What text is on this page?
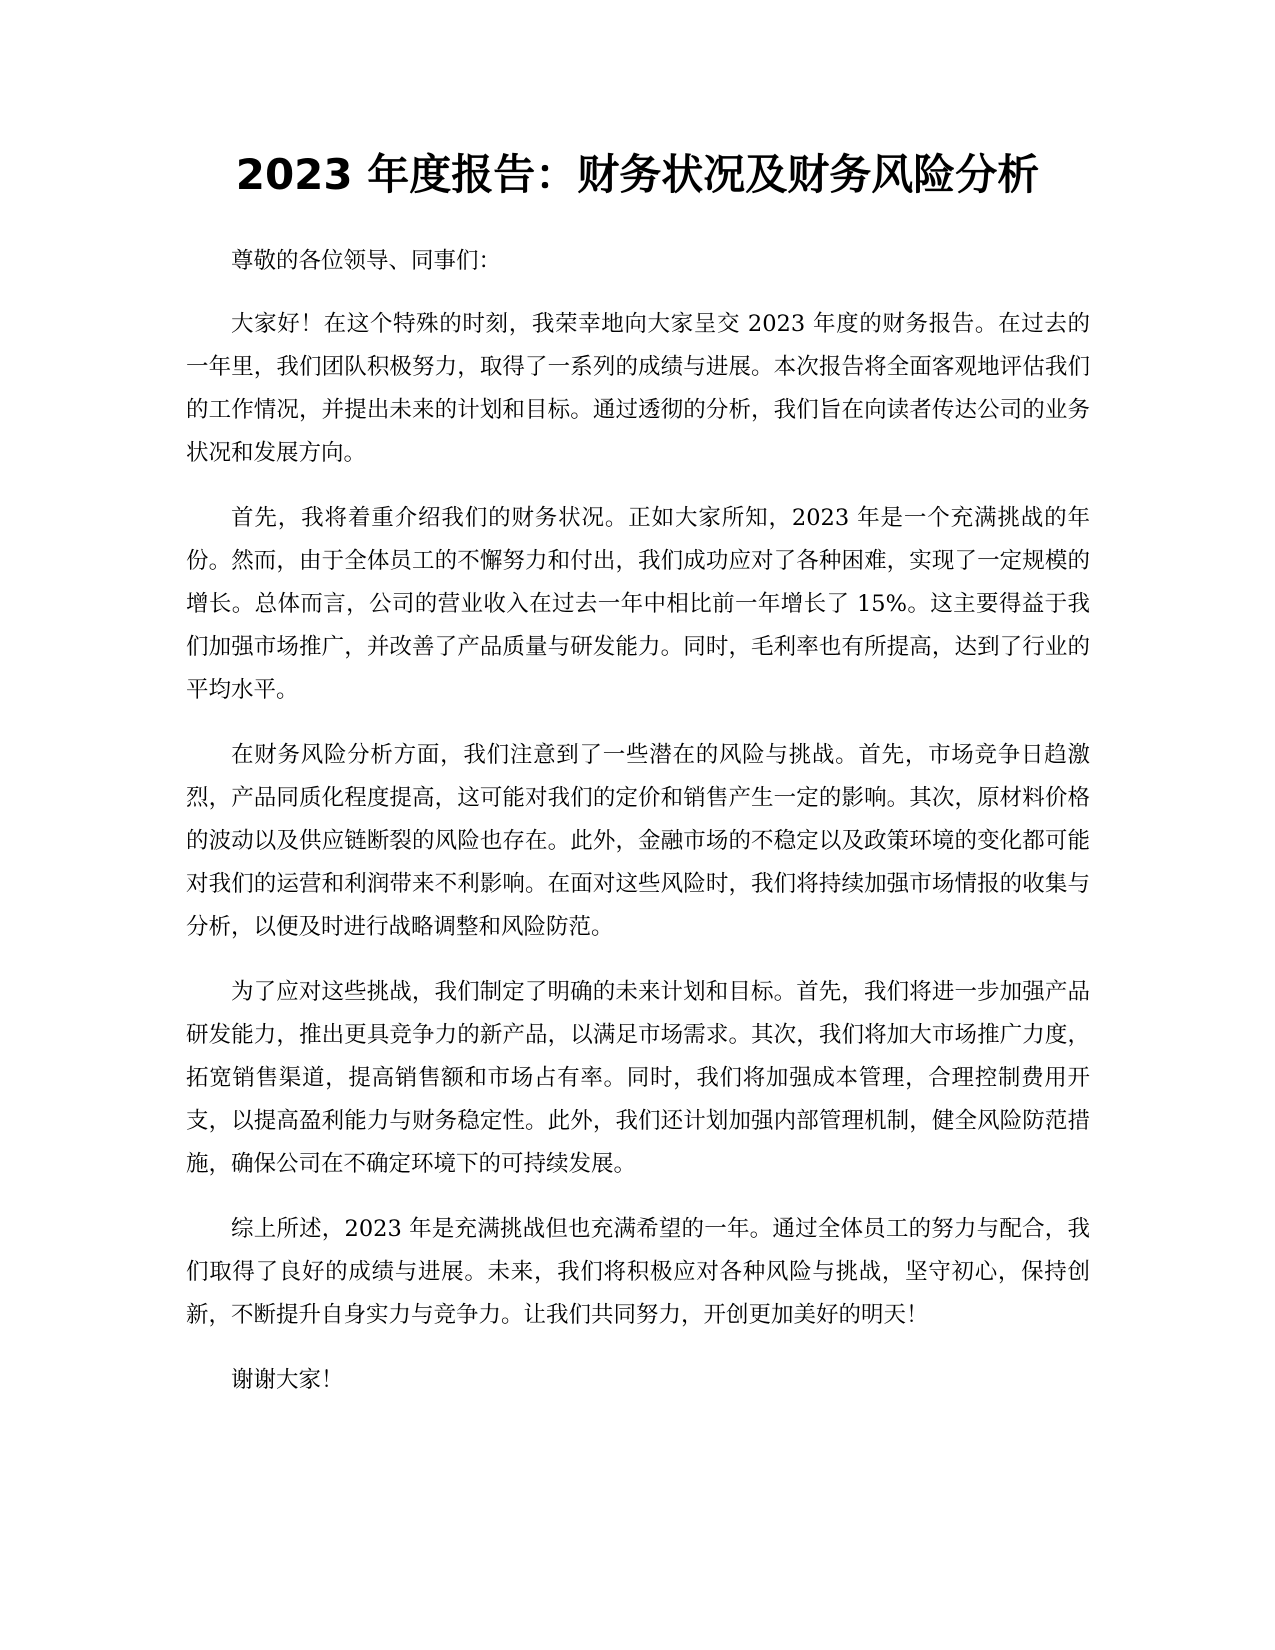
2023 年度报告：财务状况及财务风险分析

尊敬的各位领导、同事们：

大家好！在这个特殊的时刻，我荣幸地向大家呈交 2023 年度的财务报告。在过去的一年里，我们团队积极努力，取得了一系列的成绩与进展。本次报告将全面客观地评估我们的工作情况，并提出未来的计划和目标。通过透彻的分析，我们旨在向读者传达公司的业务状况和发展方向。

首先，我将着重介绍我们的财务状况。正如大家所知，2023 年是一个充满挑战的年份。然而，由于全体员工的不懈努力和付出，我们成功应对了各种困难，实现了一定规模的增长。总体而言，公司的营业收入在过去一年中相比前一年增长了 15%。这主要得益于我们加强市场推广，并改善了产品质量与研发能力。同时，毛利率也有所提高，达到了行业的平均水平。

在财务风险分析方面，我们注意到了一些潜在的风险与挑战。首先，市场竞争日趋激烈，产品同质化程度提高，这可能对我们的定价和销售产生一定的影响。其次，原材料价格的波动以及供应链断裂的风险也存在。此外，金融市场的不稳定以及政策环境的变化都可能对我们的运营和利润带来不利影响。在面对这些风险时，我们将持续加强市场情报的收集与分析，以便及时进行战略调整和风险防范。

为了应对这些挑战，我们制定了明确的未来计划和目标。首先，我们将进一步加强产品研发能力，推出更具竞争力的新产品，以满足市场需求。其次，我们将加大市场推广力度，拓宽销售渠道，提高销售额和市场占有率。同时，我们将加强成本管理，合理控制费用开支，以提高盈利能力与财务稳定性。此外，我们还计划加强内部管理机制，健全风险防范措施，确保公司在不确定环境下的可持续发展。

综上所述，2023 年是充满挑战但也充满希望的一年。通过全体员工的努力与配合，我们取得了良好的成绩与进展。未来，我们将积极应对各种风险与挑战，坚守初心，保持创新，不断提升自身实力与竞争力。让我们共同努力，开创更加美好的明天！

谢谢大家！
